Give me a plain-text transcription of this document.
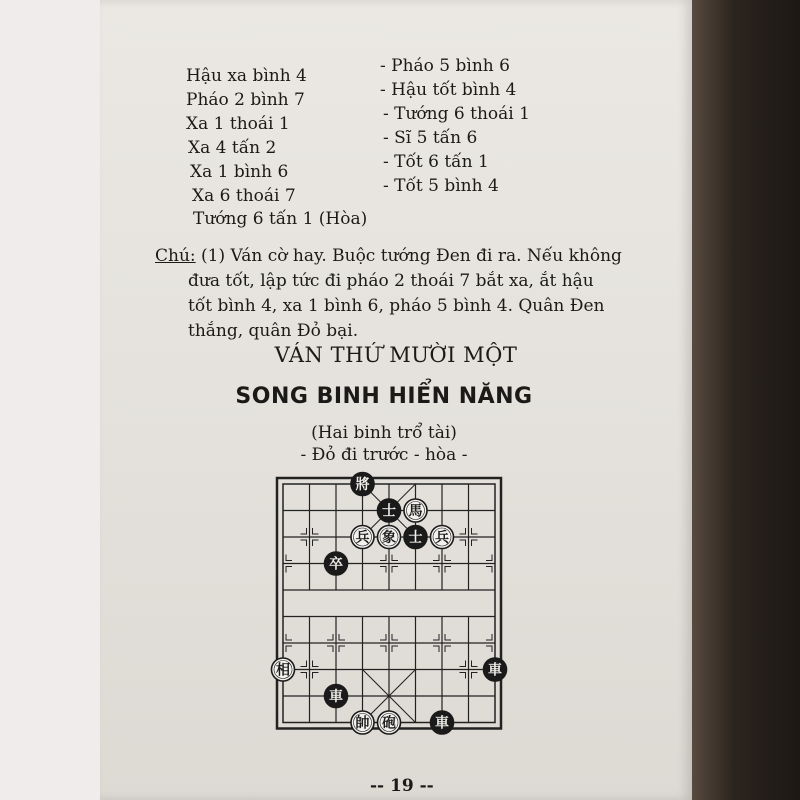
Hậu xa bình 4
Pháo 2 bình 7
Xa 1 thoái 1
Xa 4 tấn 2
Xa 1 bình 6
Xa 6 thoái 7
Tướng 6 tấn 1 (Hòa)
- Pháo 5 bình 6
- Hậu tốt bình 4
- Tướng 6 thoái 1
- Sĩ 5 tấn 6
- Tốt 6 tấn 1
- Tốt 5 bình 4
Chú: (1) Ván cờ hay. Buộc tướng Đen đi ra. Nếu không
đưa tốt, lập tức đi pháo 2 thoái 7 bắt xa, ắt hậu
tốt bình 4, xa 1 bình 6, pháo 5 bình 4. Quân Đen
thắng, quân Đỏ bại.
VÁN THỨ MƯỜI MỘT
SONG BINH HIỂN NĂNG
(Hai binh trổ tài)
- Đỏ đi trước - hòa -
將
士 馬
兵 象 士 兵
卒
相	車
車
帥 砲	車
-- 19 --
